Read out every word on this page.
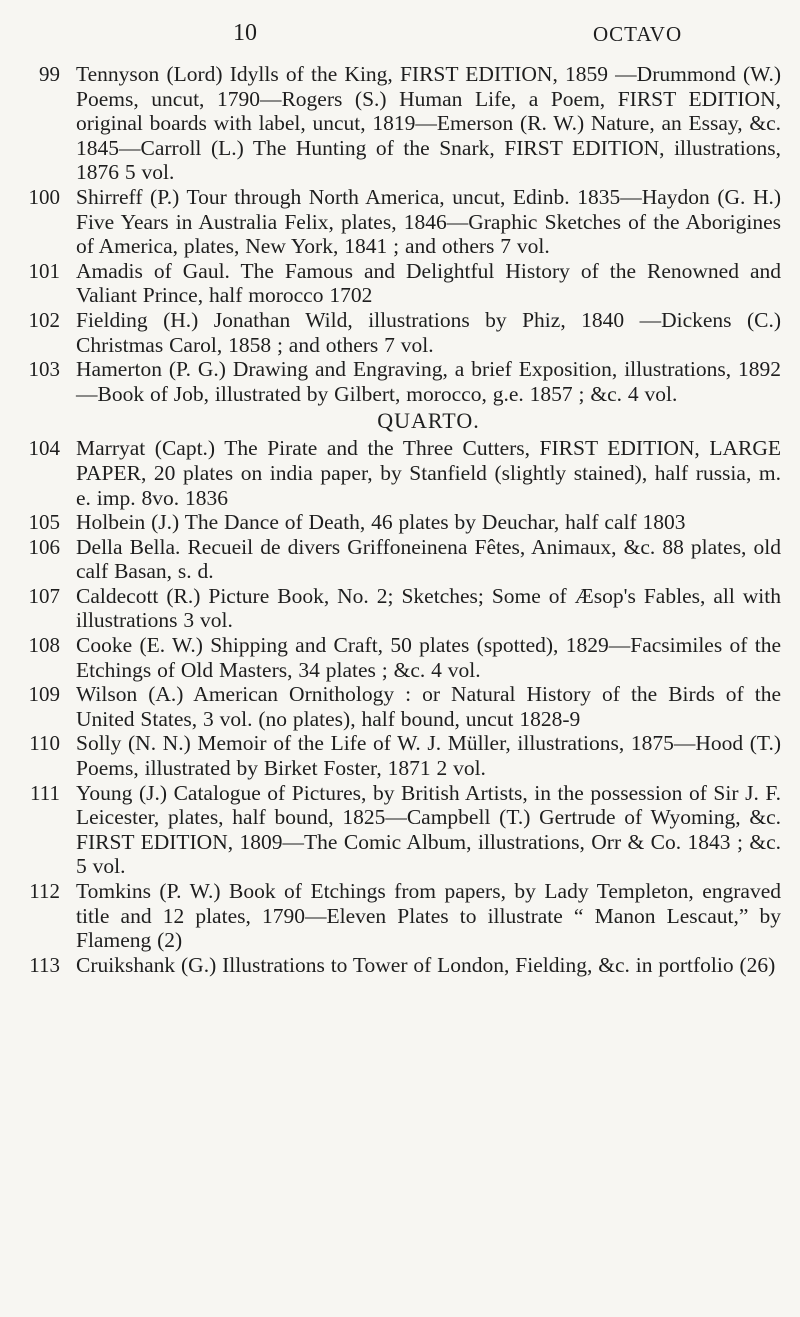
10	OCTAVO
99 Tennyson (Lord) Idylls of the King, FIRST EDITION, 1859 —Drummond (W.) Poems, uncut, 1790—Rogers (S.) Human Life, a Poem, FIRST EDITION, original boards with label, uncut, 1819—Emerson (R. W.) Nature, an Essay, &c. 1845—Carroll (L.) The Hunting of the Snark, FIRST EDITION, illustrations, 1876 5 vol.
100 Shirreff (P.) Tour through North America, uncut, Edinb. 1835—Haydon (G. H.) Five Years in Australia Felix, plates, 1846—Graphic Sketches of the Aborigines of America, plates, New York, 1841 ; and others 7 vol.
101 Amadis of Gaul. The Famous and Delightful History of the Renowned and Valiant Prince, half morocco 1702
102 Fielding (H.) Jonathan Wild, illustrations by Phiz, 1840 —Dickens (C.) Christmas Carol, 1858 ; and others 7 vol.
103 Hamerton (P. G.) Drawing and Engraving, a brief Exposition, illustrations, 1892—Book of Job, illustrated by Gilbert, morocco, g.e. 1857 ; &c. 4 vol.
QUARTO.
104 Marryat (Capt.) The Pirate and the Three Cutters, FIRST EDITION, LARGE PAPER, 20 plates on india paper, by Stanfield (slightly stained), half russia, m. e. imp. 8vo. 1836
105 Holbein (J.) The Dance of Death, 46 plates by Deuchar, half calf 1803
106 Della Bella. Recueil de divers Griffoneinena Fêtes, Animaux, &c. 88 plates, old calf Basan, s. d.
107 Caldecott (R.) Picture Book, No. 2; Sketches; Some of Æsop's Fables, all with illustrations 3 vol.
108 Cooke (E. W.) Shipping and Craft, 50 plates (spotted), 1829—Facsimiles of the Etchings of Old Masters, 34 plates ; &c. 4 vol.
109 Wilson (A.) American Ornithology : or Natural History of the Birds of the United States, 3 vol. (no plates), half bound, uncut 1828-9
110 Solly (N. N.) Memoir of the Life of W. J. Müller, illustrations, 1875—Hood (T.) Poems, illustrated by Birket Foster, 1871 2 vol.
111 Young (J.) Catalogue of Pictures, by British Artists, in the possession of Sir J. F. Leicester, plates, half bound, 1825—Campbell (T.) Gertrude of Wyoming, &c. FIRST EDITION, 1809—The Comic Album, illustrations, Orr & Co. 1843 ; &c. 5 vol.
112 Tomkins (P. W.) Book of Etchings from papers, by Lady Templeton, engraved title and 12 plates, 1790—Eleven Plates to illustrate “ Manon Lescaut,” by Flameng (2)
113 Cruikshank (G.) Illustrations to Tower of London, Fielding, &c. in portfolio (26)
